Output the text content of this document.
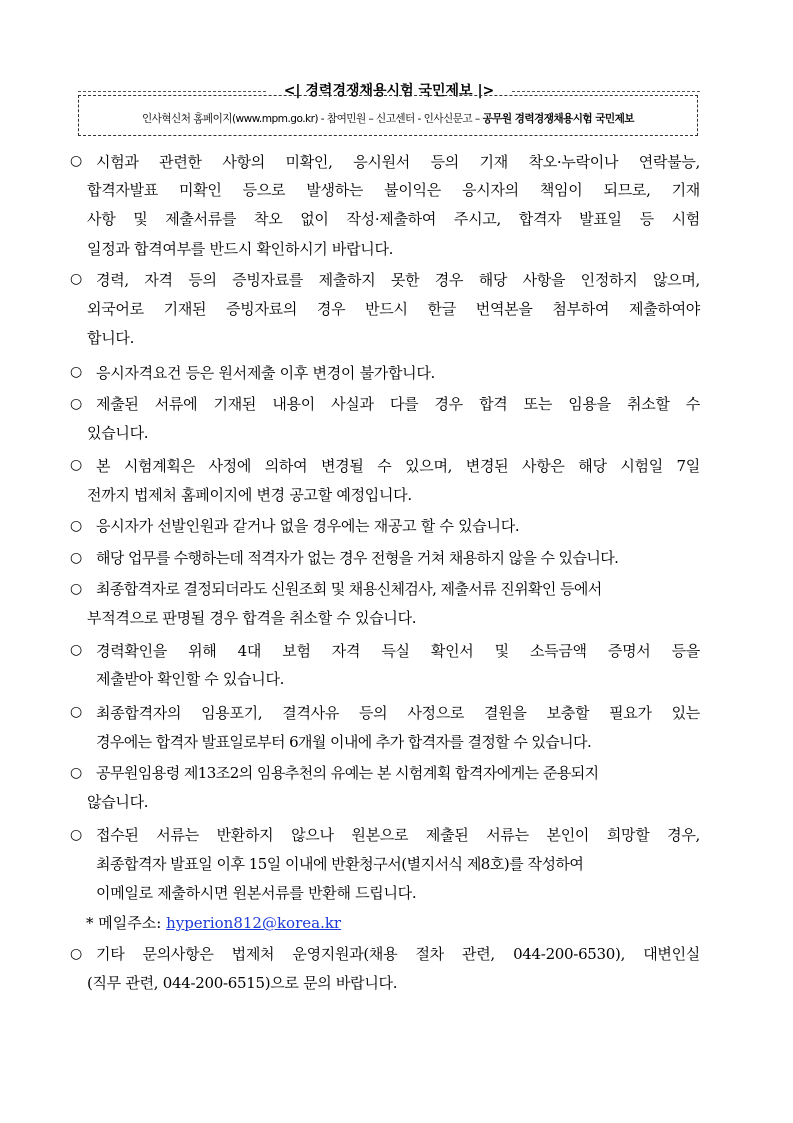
<| 경력경쟁채용시험 국민제보 |>
인사혁신처 홈페이지(www.mpm.go.kr) - 참여민원 – 신고센터 - 인사신문고 – 공무원 경력경쟁채용시험 국민제보
○ 시험과 관련한 사항의 미확인, 응시원서 등의 기재 착오·누락이나 연락불능,
합격자발표 미확인 등으로 발생하는 불이익은 응시자의 책임이 되므로, 기재
사항 및 제출서류를 착오 없이 작성·제출하여 주시고, 합격자 발표일 등 시험
일정과 합격여부를 반드시 확인하시기 바랍니다.
○ 경력, 자격 등의 증빙자료를 제출하지 못한 경우 해당 사항을 인정하지 않으며,
외국어로 기재된 증빙자료의 경우 반드시 한글 번역본을 첨부하여 제출하여야
합니다.
○ 응시자격요건 등은 원서제출 이후 변경이 불가합니다.
○ 제출된 서류에 기재된 내용이 사실과 다를 경우 합격 또는 임용을 취소할 수
있습니다.
○ 본 시험계획은 사정에 의하여 변경될 수 있으며, 변경된 사항은 해당 시험일 7일
전까지 법제처 홈페이지에 변경 공고할 예정입니다.
○ 응시자가 선발인원과 같거나 없을 경우에는 재공고 할 수 있습니다.
○ 해당 업무를 수행하는데 적격자가 없는 경우 전형을 거쳐 채용하지 않을 수 있습니다.
○ 최종합격자로 결정되더라도 신원조회 및 채용신체검사, 제출서류 진위확인 등에서
부적격으로 판명될 경우 합격을 취소할 수 있습니다.
○ 경력확인을 위해 4대 보험 자격 득실 확인서 및 소득금액 증명서 등을
제출받아 확인할 수 있습니다.
○ 최종합격자의 임용포기, 결격사유 등의 사정으로 결원을 보충할 필요가 있는
경우에는 합격자 발표일로부터 6개월 이내에 추가 합격자를 결정할 수 있습니다.
○ 공무원임용령 제13조2의 임용추천의 유예는 본 시험계획 합격자에게는 준용되지
않습니다.
○ 접수된 서류는 반환하지 않으나 원본으로 제출된 서류는 본인이 희망할 경우,
최종합격자 발표일 이후 15일 이내에 반환청구서(별지서식 제8호)를 작성하여
이메일로 제출하시면 원본서류를 반환해 드립니다.
* 메일주소: hyperion812@korea.kr
○ 기타 문의사항은 법제처 운영지원과(채용 절차 관련, 044-200-6530), 대변인실
(직무 관련, 044-200-6515)으로 문의 바랍니다.
